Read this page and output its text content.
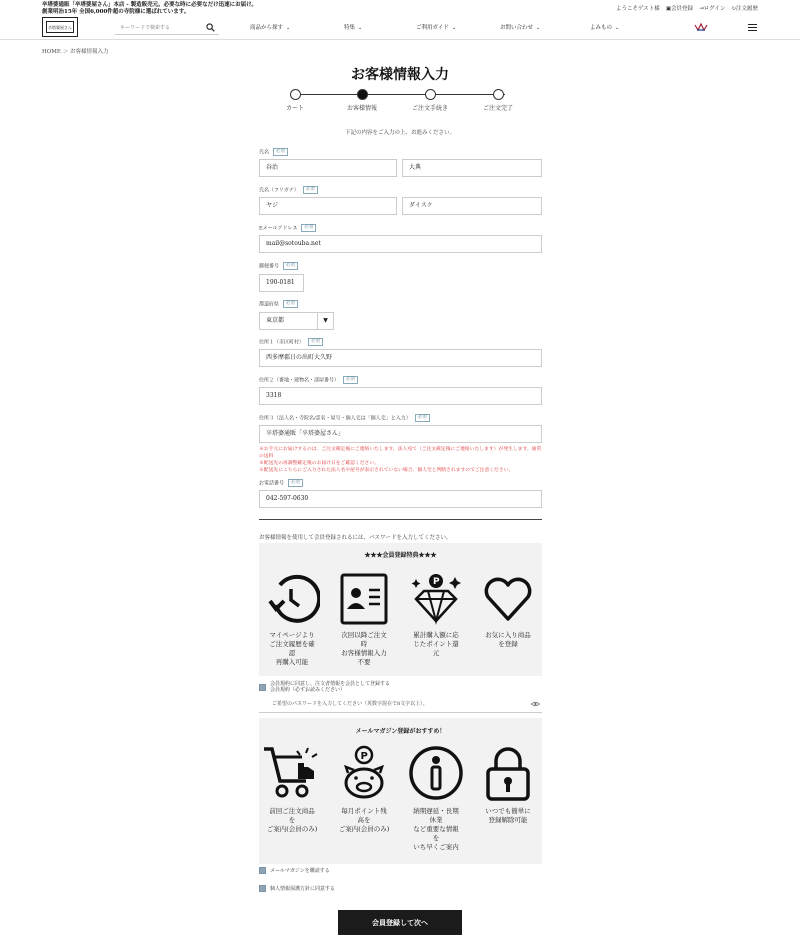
卒塔婆通販「卒塔婆屋さん」本店 - 製造販売元。必要な時に必要なだけ迅速にお届け。
創業明治15年 全国6,000件超の寺院様に選ばれています。	ようこそゲスト様 ▣会員登録 ⇥ログイン ↻注文履歴
卒塔婆屋さん
キーワードで検索する	商品から探す ⌄	特集 ⌄	ご利用ガイド ⌄	お問い合わせ ⌄	よみもの ⌄
HOME ＞ お客様情報入力
お客様情報入力
カート	お客様情報	ご注文手続き	ご注文完了
下記の内容をご入力の上、お進みください。
氏名 必須
谷治	大典
氏名（フリガナ） 必須
ヤジ	ダイスケ
Eメールアドレス 必須
mail@sotouba.net
郵便番号 必須
190-0181
都道府県 必須
東京都	▼
住所１（市区町村） 必須
西多摩郡日の出町大久野
住所２（番地・建物名・部屋番号） 必須
3318
住所３（法人名・寺院名/霊名・屋号・個人宅は「個人宅」と入力） 必須
卒塔婆通販「卒塔婆屋さん」
※お手元にお届けするのは、ご注文確定後にご連絡いたします。法人宛て（ご注文確定後にご連絡いたします）が発生します。通常の送料
※配送先の再調整確定後のお届け日をご確認ください。
※配送先にこちらにご入力された法人名や屋号が表示されていない場合、個人宅と判断されますのでご注意ください。
お電話番号 必須
042-597-0630
お客様情報を使用して会員登録されるには、パスワードを入力してください。
★★★会員登録特典★★★
マイページより
ご注文履歴を確
認
再購入可能
次回以降ご注文
時
お客様情報入力
不要
P
累計購入額に応
じたポイント還
元
お気に入り商品
を登録
会員規約に同意し、注文者情報を会員として登録する
会員規約（必ずお読みください）
ご希望のパスワードを入力してください（英数字混在で8文字以上）。
メールマガジン登録がおすすめ！
前回ご注文商品
を
ご案内(会員のみ)
P
毎月ポイント残
高を
ご案内(会員のみ)
納期遅延・長期
休業
など重要な情報
を
いち早くご案内
いつでも簡単に
登録解除可能
メールマガジンを購読する
個人情報保護方針に同意する
会員登録して次へ
